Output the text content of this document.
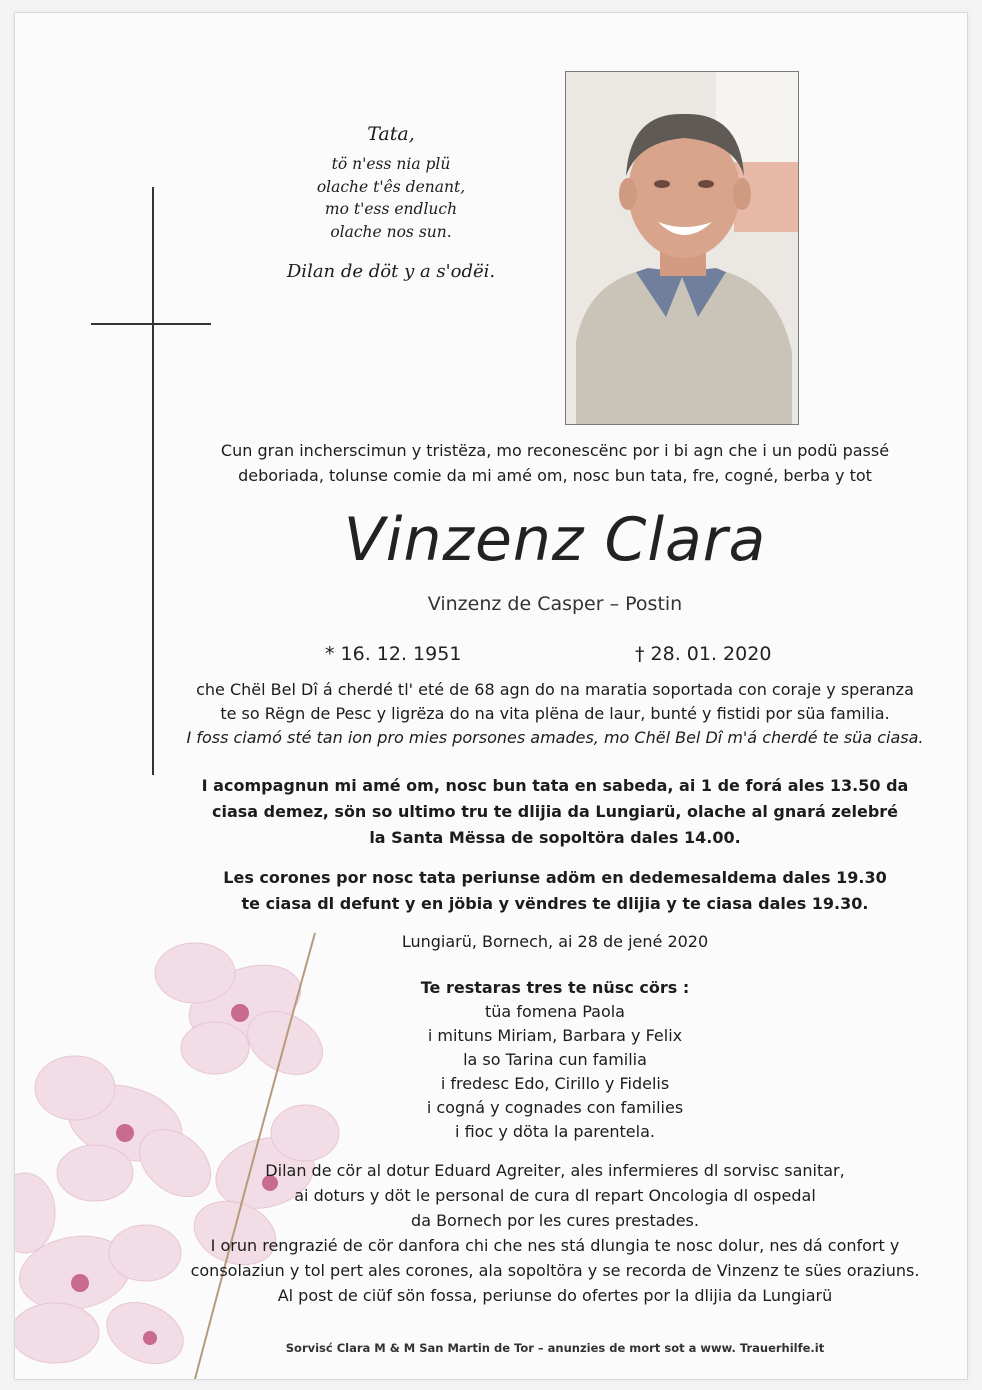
Tata,
tö n'ess nia plü
olache t'ês denant,
mo t'ess endluch
olache nos sun.
Dilan de döt y a s'odëi.
Cun gran incherscimun y tristëza, mo reconescënc por i bi agn che i un podü passé
deboriada, tolunse comie da mi amé om, nosc bun tata, fre, cogné, berba y tot
Vinzenz Clara
Vinzenz de Casper – Postin
* 16. 12. 1951	† 28. 01. 2020
che Chël Bel Dî á cherdé tl' eté de 68 agn do na maratia soportada con coraje y speranza
te so Rëgn de Pesc y ligrëza do na vita plëna de laur, bunté y fistidi por süa familia.
I foss ciamó sté tan ion pro mies porsones amades, mo Chël Bel Dî m'á cherdé te süa ciasa.
I acompagnun mi amé om, nosc bun tata en sabeda, ai 1 de forá ales 13.50 da
ciasa demez, sön so ultimo tru te dlijia da Lungiarü, olache al gnará zelebré
la Santa Mëssa de sopoltöra dales 14.00.
Les corones por nosc tata periunse adöm en dedemesaldema dales 19.30
te ciasa dl defunt y en jöbia y vëndres te dlijia y te ciasa dales 19.30.
Lungiarü, Bornech, ai 28 de jené 2020
Te restaras tres te nüsc cörs :
tüa fomena Paola
i mituns Miriam, Barbara y Felix
la so Tarina cun familia
i fredesc Edo, Cirillo y Fidelis
i cogná y cognades con families
i fioc y döta la parentela.
Dilan de cör al dotur Eduard Agreiter, ales infermieres dl sorvisc sanitar,
ai doturs y döt le personal de cura dl repart Oncologia dl ospedal
da Bornech por les cures prestades.
I orun rengrazié de cör danfora chi che nes stá dlungia te nosc dolur, nes dá confort y
consolaziun y tol pert ales corones, ala sopoltöra y se recorda de Vinzenz te sües oraziuns.
Al post de ciüf sön fossa, periunse do ofertes por la dlijia da Lungiarü
Sorvisć Clara M & M San Martin de Tor – anunzies de mort sot a www. Trauerhilfe.it
